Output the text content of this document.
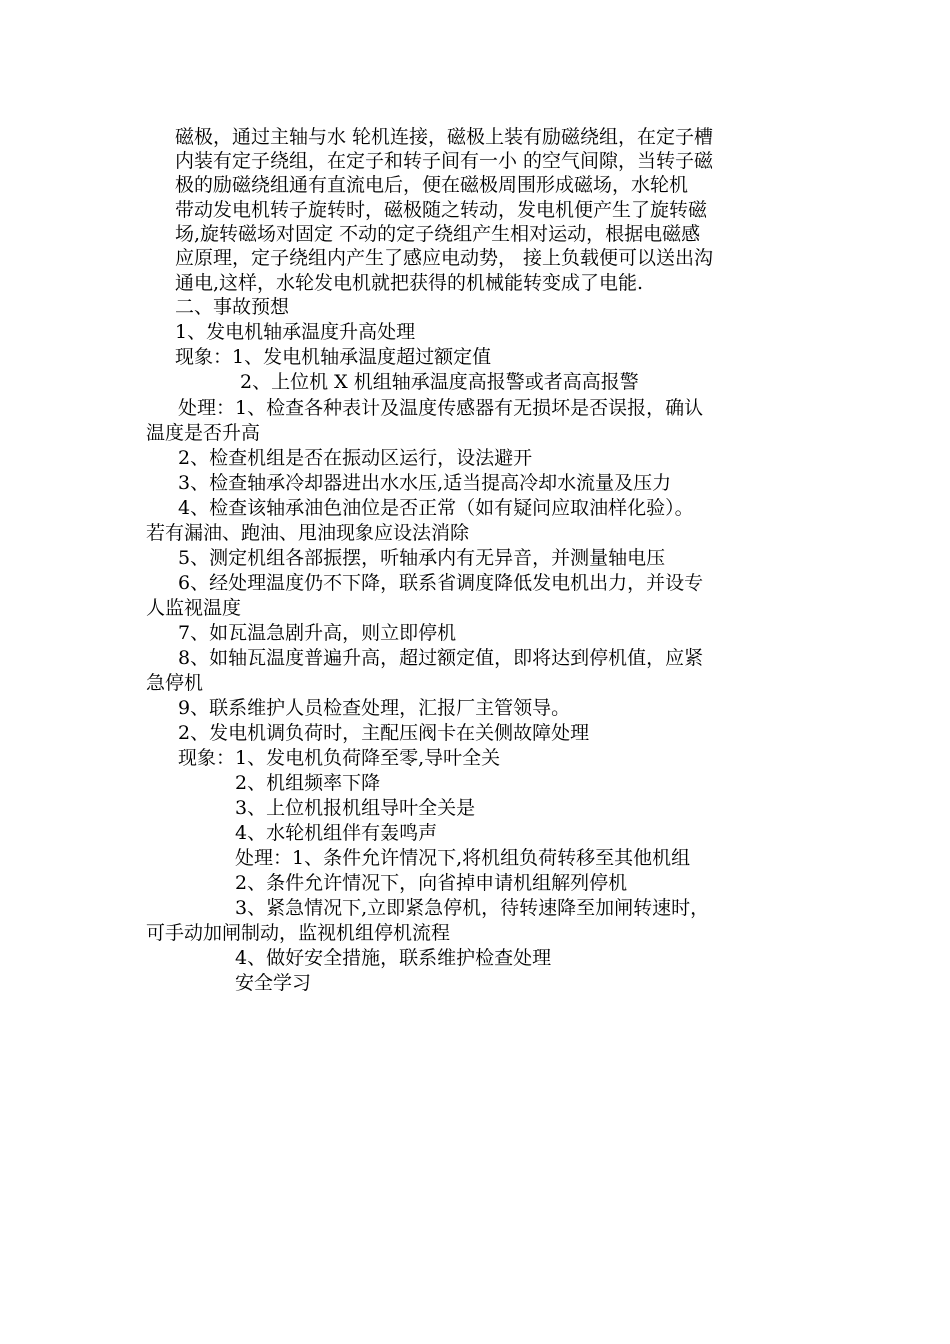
磁极，通过主轴与水 轮机连接，磁极上装有励磁绕组，在定子槽

内装有定子绕组，在定子和转子间有一小 的空气间隙，当转子磁

极的励磁绕组通有直流电后，便在磁极周围形成磁场，水轮机

带动发电机转子旋转时，磁极随之转动，发电机便产生了旋转磁

场,旋转磁场对固定 不动的定子绕组产生相对运动，根据电磁感

应原理，定子绕组内产生了感应电动势， 接上负载便可以送出沟

通电,这样，水轮发电机就把获得的机械能转变成了电能.

二、事故预想

1、发电机轴承温度升高处理

现象：1、发电机轴承温度超过额定值

2、上位机 X 机组轴承温度高报警或者高高报警

处理：1、检查各种表计及温度传感器有无损坏是否误报，确认

温度是否升高

2、检查机组是否在振动区运行，设法避开

3、检查轴承冷却器进出水水压,适当提高冷却水流量及压力

4、检查该轴承油色油位是否正常（如有疑问应取油样化验）。

若有漏油、跑油、甩油现象应设法消除

5、测定机组各部振摆，听轴承内有无异音，并测量轴电压

6、经处理温度仍不下降，联系省调度降低发电机出力，并设专

人监视温度

7、如瓦温急剧升高，则立即停机

8、如轴瓦温度普遍升高，超过额定值，即将达到停机值，应紧

急停机

9、联系维护人员检查处理，汇报厂主管领导。

2、发电机调负荷时，主配压阀卡在关侧故障处理

现象：1、发电机负荷降至零,导叶全关

2、机组频率下降

3、上位机报机组导叶全关是

4、水轮机组伴有轰鸣声

处理：1、条件允许情况下,将机组负荷转移至其他机组

2、条件允许情况下，向省掉申请机组解列停机

3、紧急情况下,立即紧急停机，待转速降至加闸转速时，

可手动加闸制动，监视机组停机流程

4、做好安全措施，联系维护检查处理

安全学习
